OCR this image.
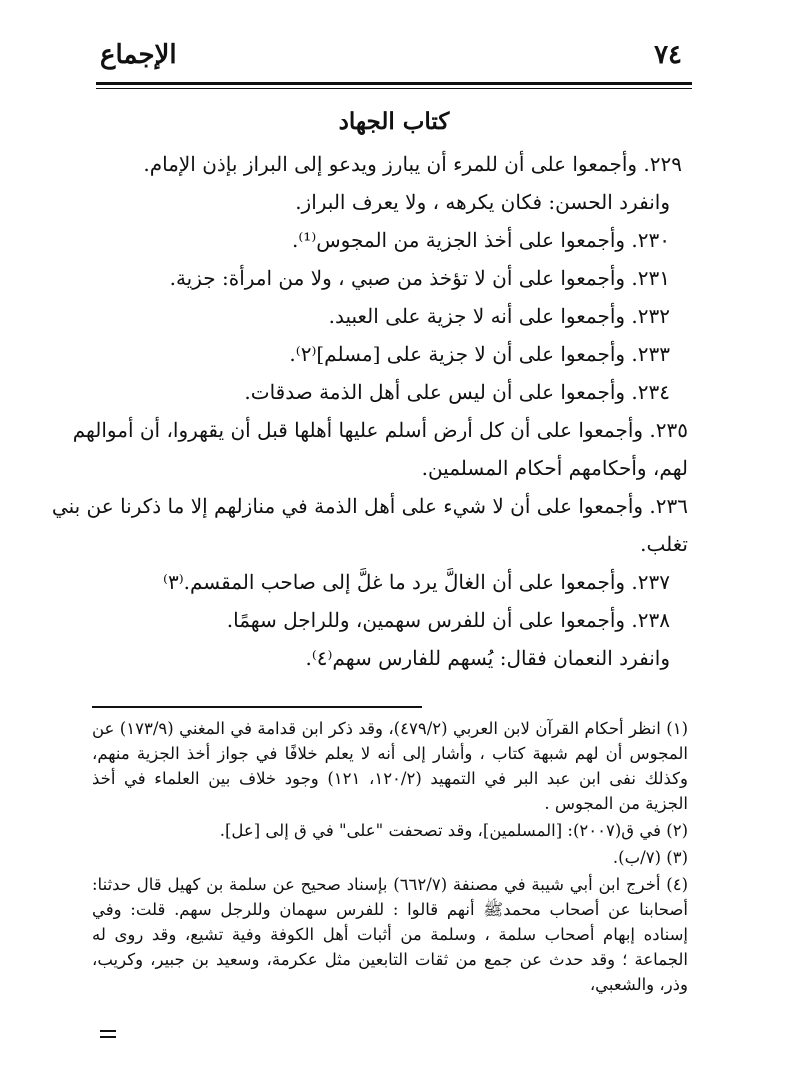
٧٤
الإجماع
كتاب الجهاد
٢٢٩. وأجمعوا على أن للمرء أن يبارز ويدعو إلى البراز بإذن الإمام.
وانفرد الحسن: فكان يكرهه ، ولا يعرف البراز.
٢٣٠. وأجمعوا على أخذ الجزية من المجوس⁽¹⁾.
٢٣١. وأجمعوا على أن لا تؤخذ من صبي ، ولا من امرأة: جزية.
٢٣٢. وأجمعوا على أنه لا جزية على العبيد.
٢٣٣. وأجمعوا على أن لا جزية على [مسلم]⁽٢⁾.
٢٣٤. وأجمعوا على أن ليس على أهل الذمة صدقات.
٢٣٥. وأجمعوا على أن كل أرض أسلم عليها أهلها قبل أن يقهروا، أن أموالهم
لهم، وأحكامهم أحكام المسلمين.
٢٣٦. وأجمعوا على أن لا شيء على أهل الذمة في منازلهم إلا ما ذكرنا عن بني
تغلب.
٢٣٧. وأجمعوا على أن الغالَّ يرد ما غلَّ إلى صاحب المقسم.⁽٣⁾
٢٣٨. وأجمعوا على أن للفرس سهمين، وللراجل سهمًا.
وانفرد النعمان فقال: يُسهم للفارس سهم⁽٤⁾.
(١) انظر أحكام القرآن لابن العربي (٤٧٩/٢)، وقد ذكر ابن قدامة في المغني (١٧٣/٩) عن المجوس أن لهم شبهة كتاب ، وأشار إلى أنه لا يعلم خلافًا في جواز أخذ الجزية منهم، وكذلك نفى ابن عبد البر في التمهيد (١٢٠/٢، ١٢١) وجود خلاف بين العلماء في أخذ الجزية من المجوس .
(٢) في ق(٢٠٠٧): [المسلمين]، وقد تصحفت "على" في ق إلى [عل].
(٣) (٧/ب).
(٤) أخرج ابن أبي شيبة في مصنفة (٦٦٢/٧) بإسناد صحيح عن سلمة بن كهيل قال حدثنا: أصحابنا عن أصحاب محمدﷺ أنهم قالوا : للفرس سهمان وللرجل سهم. قلت: وفي إسناده إبهام أصحاب سلمة ، وسلمة من أثبات أهل الكوفة وفية تشيع، وقد روى له الجماعة ؛ وقد حدث عن جمع من ثقات التابعين مثل عكرمة، وسعيد بن جبير، وكريب، وذر، والشعبي،
